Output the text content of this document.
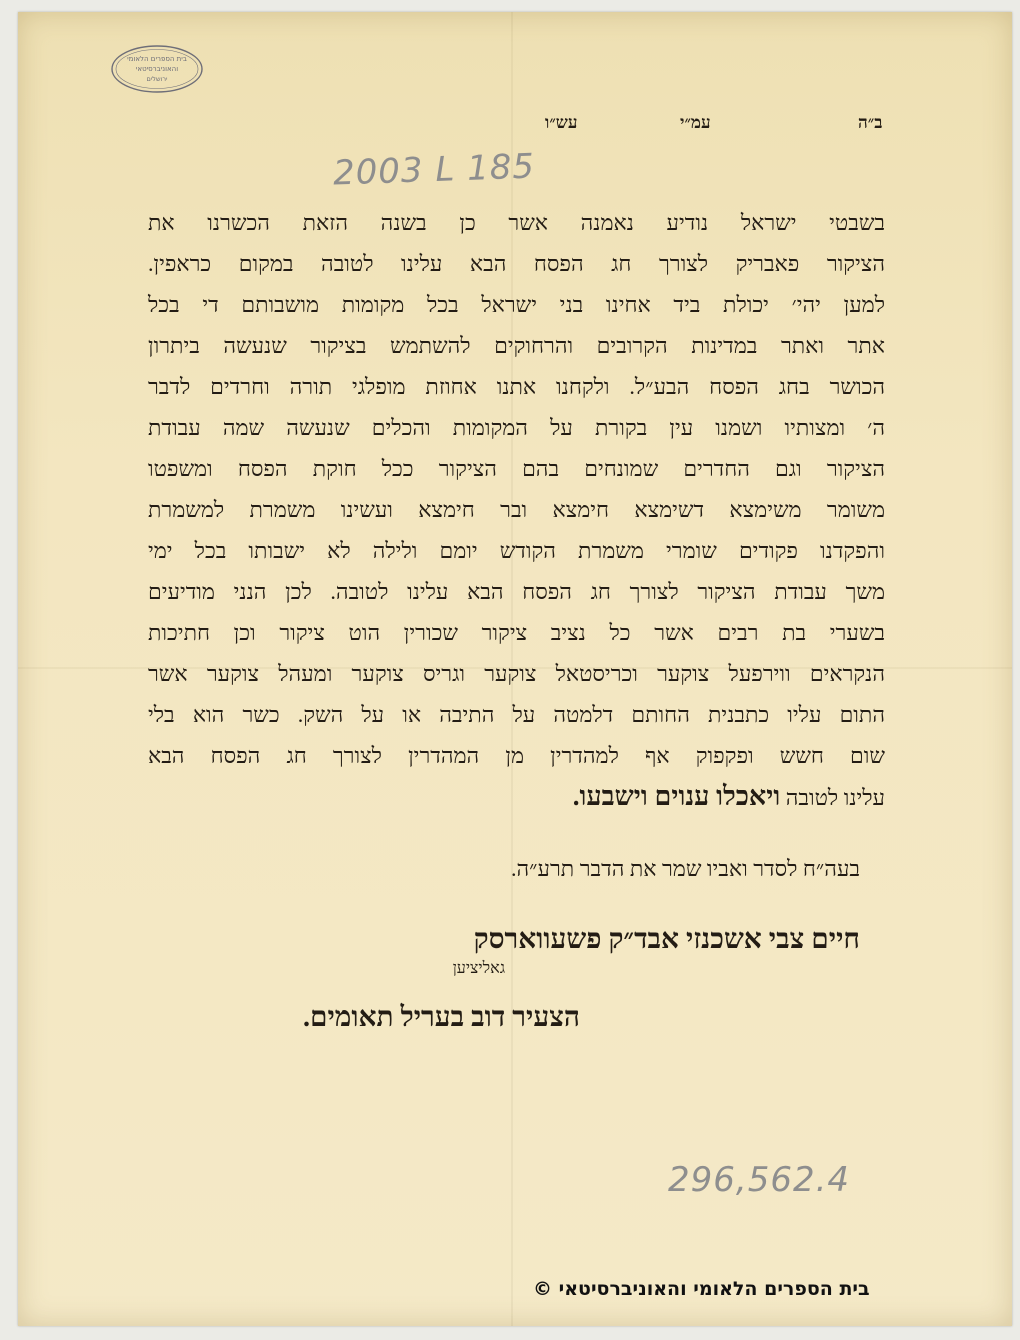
בית הספרים הלאומי
והאוניברסיטאי
ירושלים
ב״ה
עמ״י
עש״ו
2003 L 185
בשבטי ישראל נודיע נאמנה אשר כן בשנה הזאת הכשרנו את
הציקור פאבריק לצורך חג הפסח הבא עלינו לטובה במקום כראפין.
למען יהי׳ יכולת ביד אחינו בני ישראל בכל מקומות מושבותם די בכל
אתר ואתר במדינות הקרובים והרחוקים להשתמש בציקור שנעשה ביתרון
הכושר בחג הפסח הבע״ל. ולקחנו אתנו אחוזת מופלגי תורה וחרדים לדבר
ה׳ ומצותיו ושמנו עין בקורת על המקומות והכלים שנעשה שמה עבודת
הציקור וגם החדרים שמונחים בהם הציקור ככל חוקת הפסח ומשפטו
משומר משימצא דשימצא חימצא ובר חימצא ועשינו משמרת למשמרת
והפקדנו פקודים שומרי משמרת הקודש יומם ולילה לא ישבותו בכל ימי
משך עבודת הציקור לצורך חג הפסח הבא עלינו לטובה. לכן הנני מודיעים
בשערי בת רבים אשר כל נציב ציקור שכורין הוט ציקור וכן חתיכות
הנקראים ווירפעל צוקער וכריסטאל צוקער וגריס צוקער ומעהל צוקער אשר
התום עליו כתבנית החותם דלמטה על התיבה או על השק. כשר הוא בלי
שום חשש ופקפוק אף למהדרין מן המהדרין לצורך חג הפסח הבא
עלינו לטובה ויאכלו ענוים וישבעו.
בעה״ח לסדר ואביו שמר את הדבר תרע״ה.
חיים צבי אשכנזי אבד״ק פשעווארסק
גאליציען
הצעיר דוב בעריל תאומים.
296,562.4
© בית הספרים הלאומי והאוניברסיטאי
